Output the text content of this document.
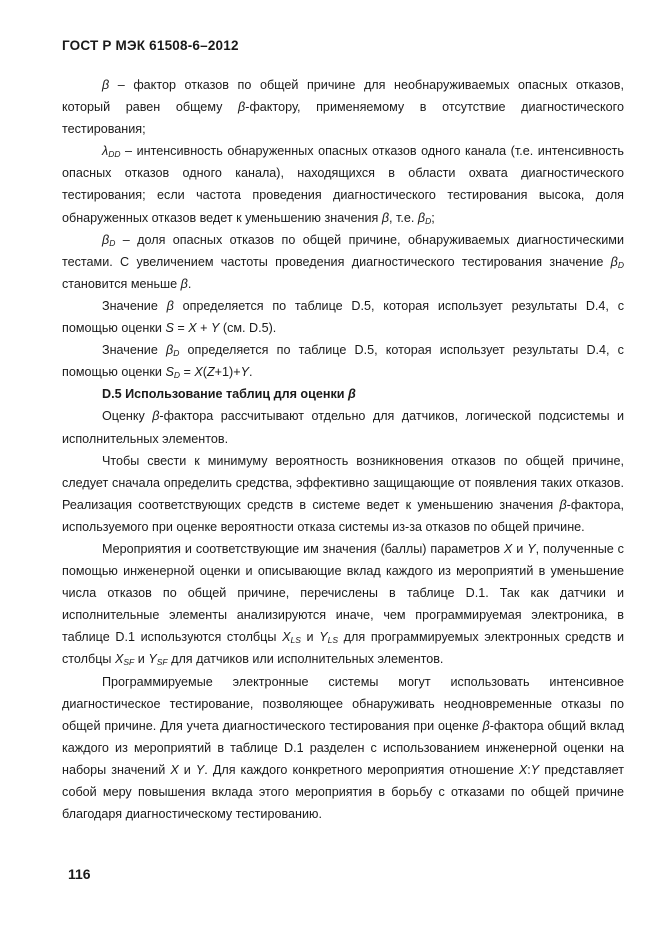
ГОСТ Р МЭК 61508-6–2012

β – фактор отказов по общей причине для необнаруживаемых опасных отказов, который равен общему β-фактору, применяемому в отсутствие диагностического тестирования;

$\lambda_{DD}$ – интенсивность обнаруженных опасных отказов одного канала (т.е. интенсивность опасных отказов одного канала), находящихся в области охвата диагностического тестирования; если частота проведения диагностического тестирования высока, доля обнаруженных отказов ведет к уменьшению значения β, т.е. $\beta_D$;

$\beta_D$ – доля опасных отказов по общей причине, обнаруживаемых диагностическими тестами. С увеличением частоты проведения диагностического тестирования значение $\beta_D$ становится меньше β.

Значение β определяется по таблице D.5, которая использует результаты D.4, с помощью оценки S = X + Y (см. D.5).

Значение $\beta_D$ определяется по таблице D.5, которая использует результаты D.4, с помощью оценки $S_D = X(Z+1)+Y$.

D.5 Использование таблиц для оценки β

Оценку β-фактора рассчитывают отдельно для датчиков, логической подсистемы и исполнительных элементов.

Чтобы свести к минимуму вероятность возникновения отказов по общей причине, следует сначала определить средства, эффективно защищающие от появления таких отказов. Реализация соответствующих средств в системе ведет к уменьшению значения β-фактора, используемого при оценке вероятности отказа системы из-за отказов по общей причине.

Мероприятия и соответствующие им значения (баллы) параметров X и Y, полученные с помощью инженерной оценки и описывающие вклад каждого из мероприятий в уменьшение числа отказов по общей причине, перечислены в таблице D.1. Так как датчики и исполнительные элементы анализируются иначе, чем программируемая электроника, в таблице D.1 используются столбцы $X_{LS}$ и $Y_{LS}$ для программируемых электронных средств и столбцы $X_{SF}$ и $Y_{SF}$ для датчиков или исполнительных элементов.

Программируемые электронные системы могут использовать интенсивное диагностическое тестирование, позволяющее обнаруживать неодновременные отказы по общей причине. Для учета диагностического тестирования при оценке β-фактора общий вклад каждого из мероприятий в таблице D.1 разделен с использованием инженерной оценки на наборы значений X и Y. Для каждого конкретного мероприятия отношение X:Y представляет собой меру повышения вклада этого мероприятия в борьбу с отказами по общей причине благодаря диагностическому тестированию.

116
